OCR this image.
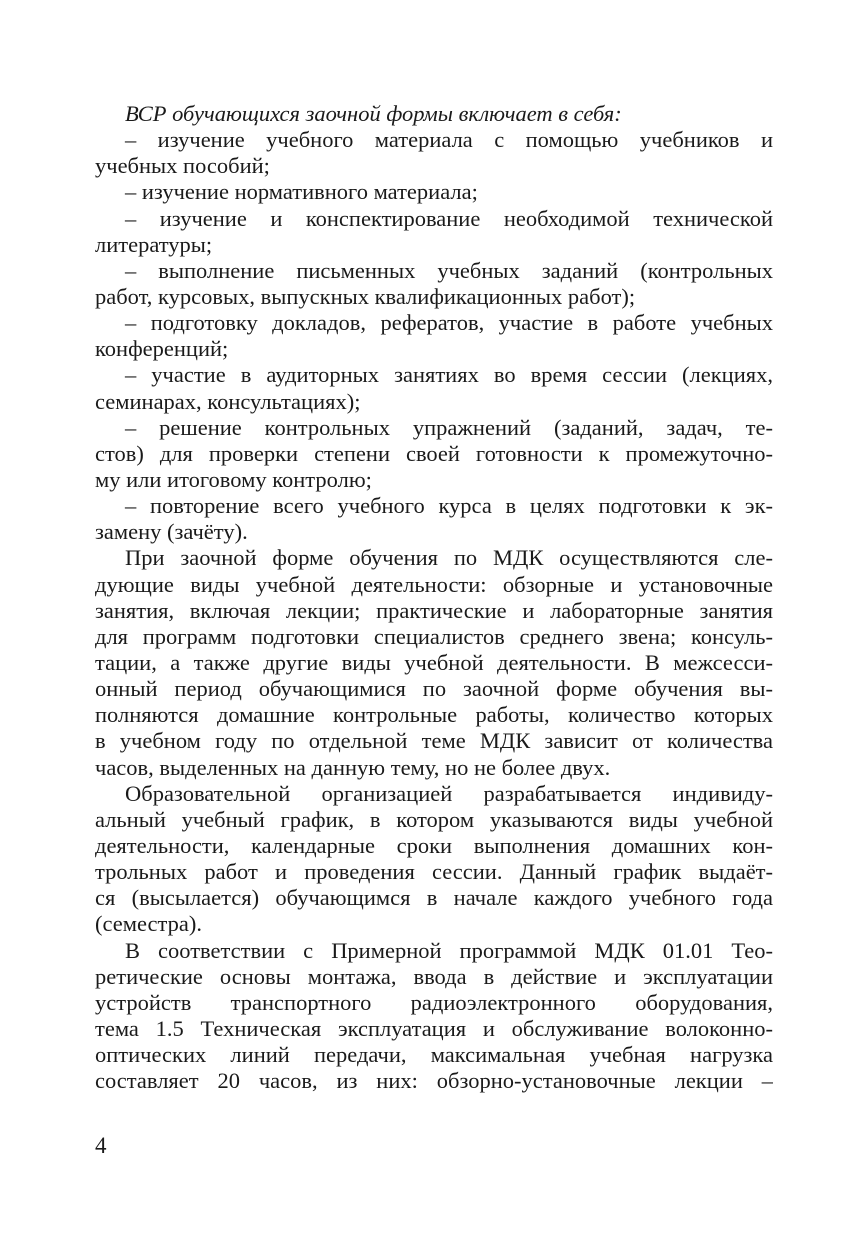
ВСР обучающихся заочной формы включает в себя:
– изучение учебного материала с помощью учебников и
учебных пособий;
– изучение нормативного материала;
– изучение и конспектирование необходимой технической
литературы;
– выполнение письменных учебных заданий (контрольных
работ, курсовых, выпускных квалификационных работ);
– подготовку докладов, рефератов, участие в работе учебных
конференций;
– участие в аудиторных занятиях во время сессии (лекциях,
семинарах, консультациях);
– решение контрольных упражнений (заданий, задач, те-
стов) для проверки степени своей готовности к промежуточно-
му или итоговому контролю;
– повторение всего учебного курса в целях подготовки к эк-
замену (зачёту).
При заочной форме обучения по МДК осуществляются сле-
дующие виды учебной деятельности: обзорные и установочные
занятия, включая лекции; практические и лабораторные занятия
для программ подготовки специалистов среднего звена; консуль-
тации, а также другие виды учебной деятельности. В межсесси-
онный период обучающимися по заочной форме обучения вы-
полняются домашние контрольные работы, количество которых
в учебном году по отдельной теме МДК зависит от количества
часов, выделенных на данную тему, но не более двух.
Образовательной организацией разрабатывается индивиду-
альный учебный график, в котором указываются виды учебной
деятельности, календарные сроки выполнения домашних кон-
трольных работ и проведения сессии. Данный график выдаёт-
ся (высылается) обучающимся в начале каждого учебного года
(семестра).
В соответствии с Примерной программой МДК 01.01 Тео-
ретические основы монтажа, ввода в действие и эксплуатации
устройств транспортного радиоэлектронного оборудования,
тема 1.5 Техническая эксплуатация и обслуживание волоконно-
оптических линий передачи, максимальная учебная нагрузка
составляет 20 часов, из них: обзорно-установочные лекции –
4
